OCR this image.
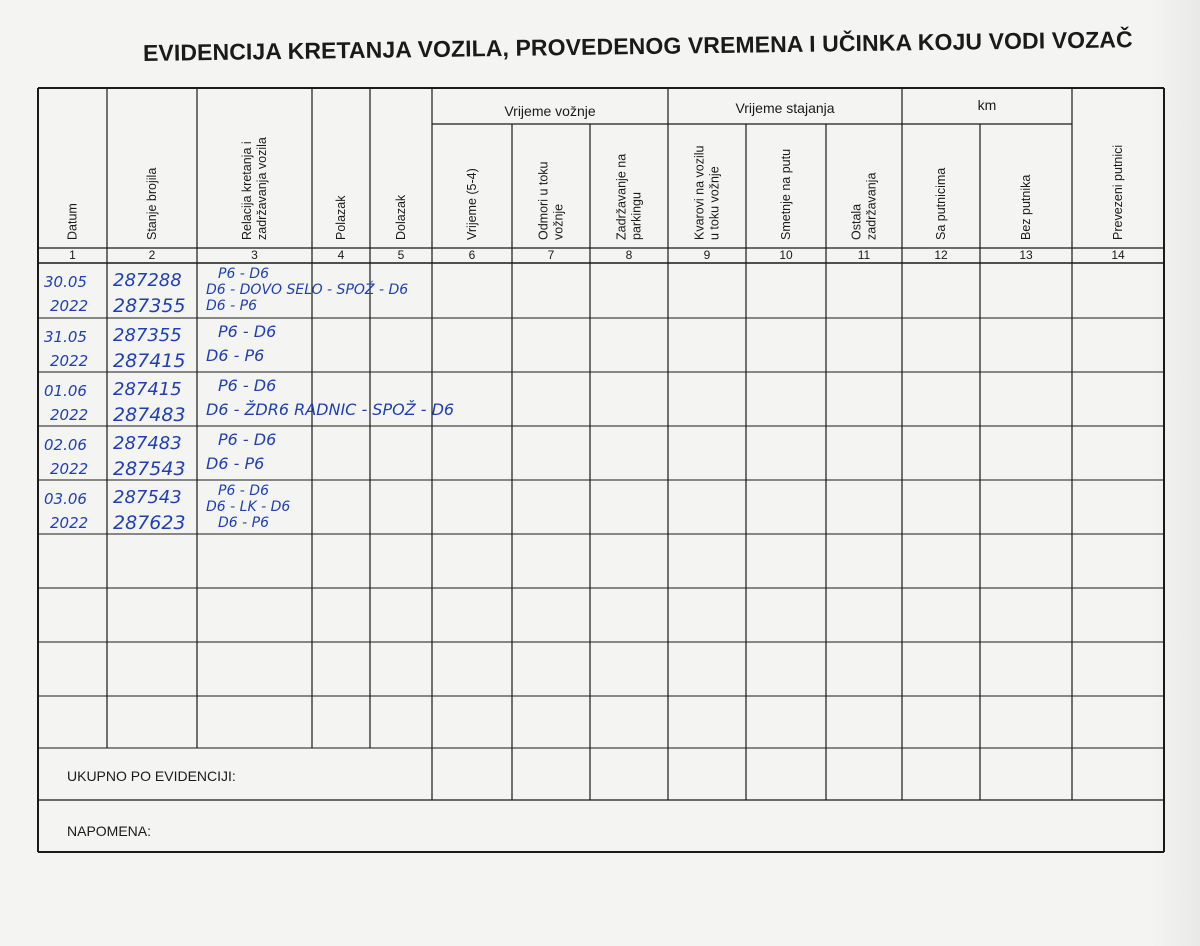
EVIDENCIJA KRETANJA VOZILA, PROVEDENOG VREMENA I UČINKA KOJU VODI VOZAČ
Vrijeme vožnje	Vrijeme stajanja	km
Datum
1
Stanje brojila
2
Relacija kretanja i zadržavanja vozila
3
Polazak
4
Dolazak
5
Vrijeme (5-4)
6
Odmori u toku vožnje
7
Zadržavanje na parkingu
8
Kvarovi na vozilu u toku vožnje
9
Smetnje na putu
10
Ostala zadržavanja
11
Sa putnicima
12
Bez putnika
13
Prevezeni putnici
14
30.05
2022
287288
287355
P6 - D6
D6 - DOVO SELO - SPOŽ - D6
D6 - P6
31.05
2022
287355
287415
P6 - D6
D6 - P6
01.06
2022
287415
287483
P6 - D6
D6 - ŽDR6 RADNIC - SPOŽ - D6
02.06
2022
287483
287543
P6 - D6
D6 - P6
03.06
2022
287543
287623
P6 - D6
D6 - LK - D6
D6 - P6
UKUPNO PO EVIDENCIJI:
NAPOMENA:
